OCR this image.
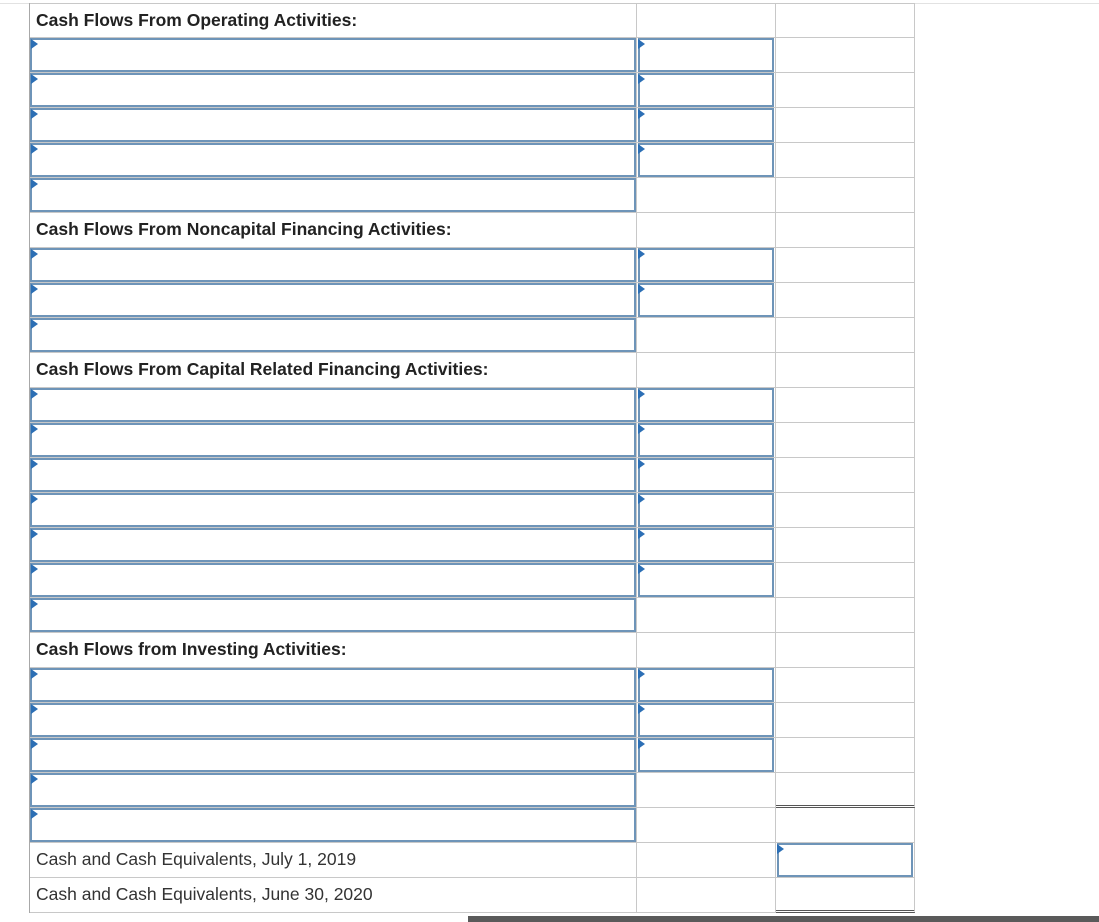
Cash Flows From Operating Activities:
Cash Flows From Noncapital Financing Activities:
Cash Flows From Capital Related Financing Activities:
Cash Flows from Investing Activities:
Cash and Cash Equivalents, July 1, 2019
Cash and Cash Equivalents, June 30, 2020
